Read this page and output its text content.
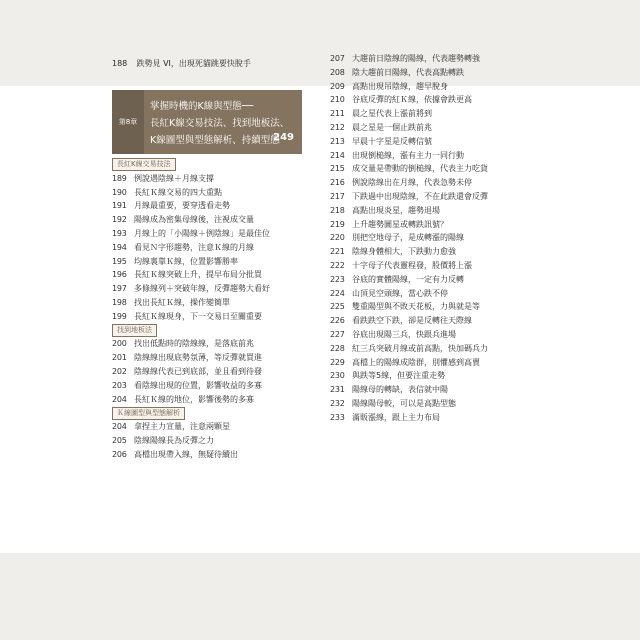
188 跌勢見 VI，出現死貓跳要快脫手
第8章
掌握時機的K線與型態──
長紅K線交易技法、找到地板法、
K線圖型與型態解析、持續型態
249
長紅K線交易技法
189 例說遇陰線＋月線支撐
190 長紅Ｋ線交易的四大重點
191 月線最重要，要穿透看走勢
192 陽線成為密集母線後，注視成交量
193 月線上的「小陽線＋例陰線」是最佳位
194 看見Ｎ字形趨勢，注意Ｋ線的月線
195 均線裏靠Ｋ線，位置影響勝率
196 長紅Ｋ線突破上升，提早布局分批買
197 多條線列＋突破年線，反彈趨勢大看好
198 找出長紅Ｋ線，操作變簡單
199 長紅Ｋ線現身，下一交易日至關重要
找到地板法
200 找出低點時的陰線線，是落底前兆
201 陰線線出現底勢氛薄，等反彈就買進
202 陰線線代表已到底部，並且看到待發
203 看陰線出現的位置，影響收益的多寡
204 長紅Ｋ線的地位，影響後勢的多寡
Ｋ線圖型與型態解析
204 拿捏主力宣量，注意兩顆星
205 陰線陽線長為反彈之力
206 高檔出現帶入線，無疑待續出
207 大趨前日陰線的陽線，代表趨勢轉強
208 陰大趨前日陽線，代表高點轉跌
209 高點出現吊陰線，趨早脫身
210 谷底反彈的紅Ｋ線，依據會跌更高
211 晨之星代表上漲前將到
212 晨之星是一個止跌前兆
213 早晨十字星是反轉信號
214 出現倒槌線，漲有主力一同行動
215 成交量是帶動的倒槌線，代表主力吃貨
216 例說陰線出在月線，代表急勢未停
217 下跌過中出現陰線，不在此跌還會反彈
218 高點出現炎星，趨勢退場
219 上升趨勢圖星或轉跌訊號？
220 別把空地母子，是成轉漲的陽線
221 陰線身體相大，下跌動力愈強
222 十字母子代表靈程發，股價將上漲
223 谷底的實體陽線，一定有力反轉
224 山頂見空頭線，當心跌不停
225 雙重陽型與不敗天花板，力與就是等
226 看跌跌空下跌，卻是反轉往天際線
227 谷底出現陽三兵，快跟兵進場
228 紅三兵突破月線或前高點，快加碼兵力
229 高檔上的陽線成陰群，別懼感到高賣
230 與跌等5線，但要注重走勢
231 陽線母的轉缺，表信就中陽
232 陽線陽母較，可以是高點型態
233 滿販漲線，跟上主力布局
